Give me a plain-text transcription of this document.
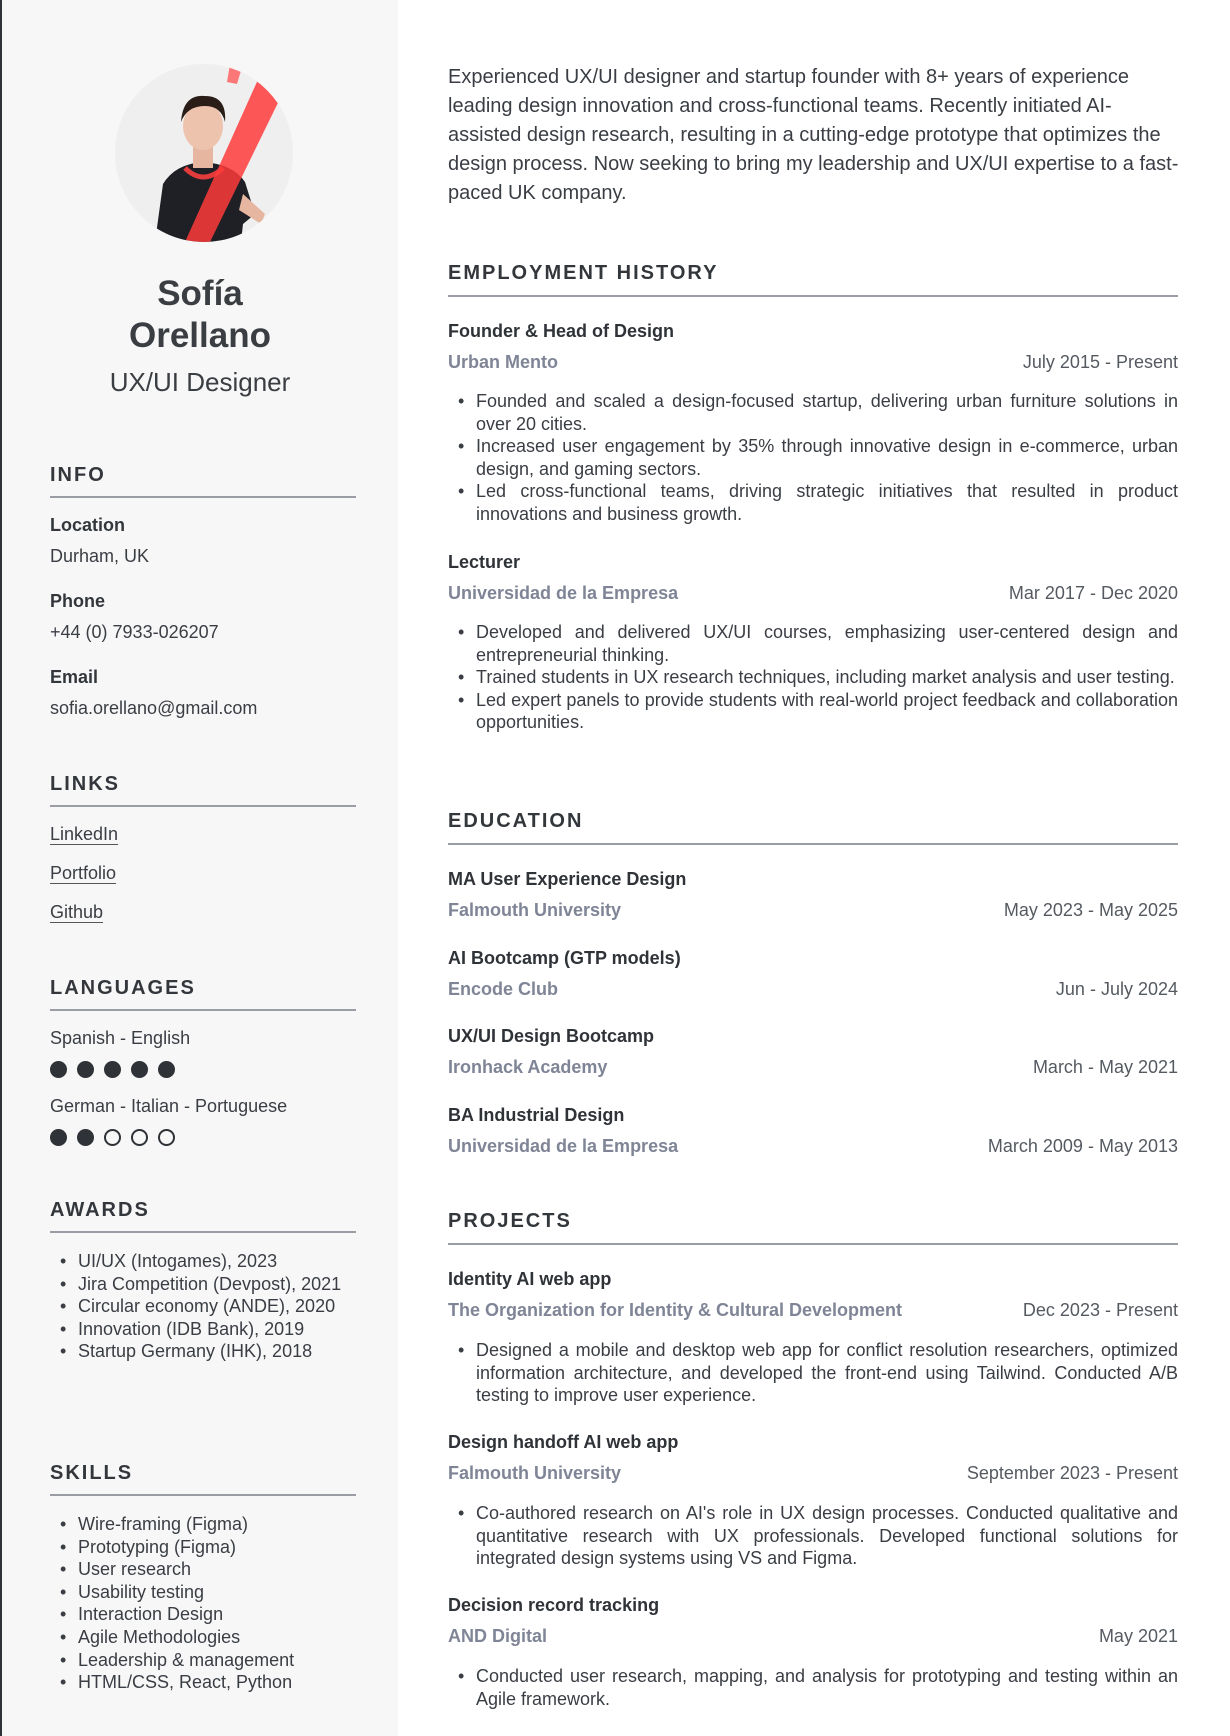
Sofía
Orellano
UX/UI Designer
INFO
Location
Durham, UK
Phone
+44 (0) 7933-026207
Email
sofia.orellano@gmail.com
LINKS
LinkedIn
Portfolio
Github
LANGUAGES
Spanish - English
German - Italian - Portuguese
AWARDS
• UI/UX (Intogames), 2023
• Jira Competition (Devpost), 2021
• Circular economy (ANDE), 2020
• Innovation (IDB Bank), 2019
• Startup Germany (IHK), 2018
SKILLS
• Wire-framing (Figma)
• Prototyping (Figma)
• User research
• Usability testing
• Interaction Design
• Agile Methodologies
• Leadership & management
• HTML/CSS, React, Python
Experienced UX/UI designer and startup founder with 8+ years of experience leading design innovation and cross-functional teams. Recently initiated AI-assisted design research, resulting in a cutting-edge prototype that optimizes the design process. Now seeking to bring my leadership and UX/UI expertise to a fast-paced UK company.
EMPLOYMENT HISTORY
Founder & Head of Design
Urban Mento	July 2015 - Present
• Founded and scaled a design-focused startup, delivering urban furniture solutions in over 20 cities.
• Increased user engagement by 35% through innovative design in e-commerce, urban design, and gaming sectors.
• Led cross-functional teams, driving strategic initiatives that resulted in product innovations and business growth.
Lecturer
Universidad de la Empresa	Mar 2017 - Dec 2020
• Developed and delivered UX/UI courses, emphasizing user-centered design and entrepreneurial thinking.
• Trained students in UX research techniques, including market analysis and user testing.
• Led expert panels to provide students with real-world project feedback and collaboration opportunities.
EDUCATION
MA User Experience Design
Falmouth University	May 2023 - May 2025
AI Bootcamp (GTP models)
Encode Club	Jun - July 2024
UX/UI Design Bootcamp
Ironhack Academy	March - May 2021
BA Industrial Design
Universidad de la Empresa	March 2009 - May 2013
PROJECTS
Identity AI web app
The Organization for Identity & Cultural Development	Dec 2023 - Present
• Designed a mobile and desktop web app for conflict resolution researchers, optimized information architecture, and developed the front-end using Tailwind. Conducted A/B testing to improve user experience.
Design handoff AI web app
Falmouth University	September 2023 - Present
• Co-authored research on AI's role in UX design processes. Conducted qualitative and quantitative research with UX professionals. Developed functional solutions for integrated design systems using VS and Figma.
Decision record tracking
AND Digital	May 2021
• Conducted user research, mapping, and analysis for prototyping and testing within an Agile framework.
